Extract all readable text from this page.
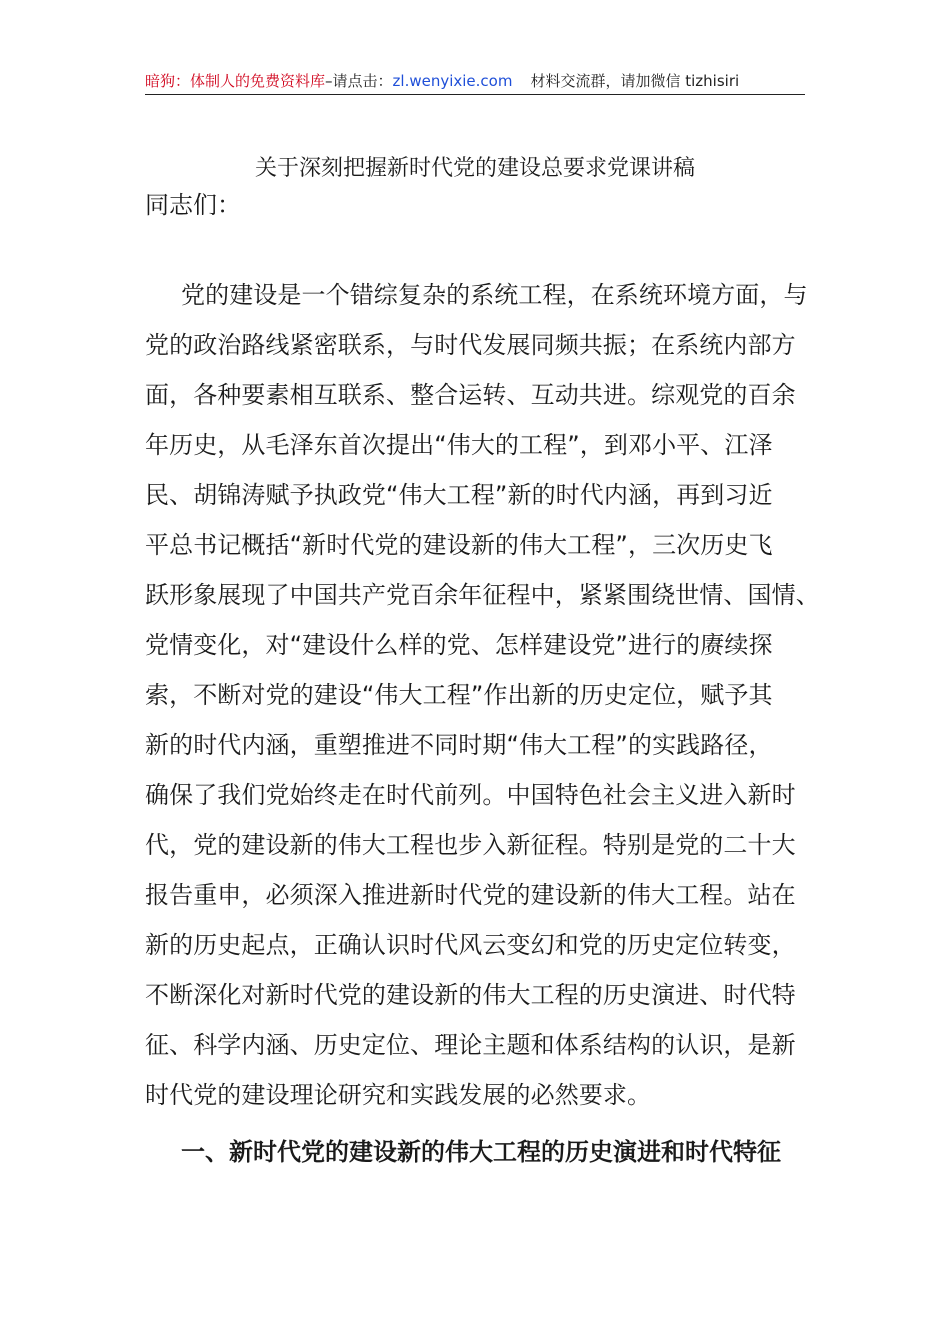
暗狗：体制人的免费资料库–请点击：zl.wenyixie.com 材料交流群，请加微信 tizhisiri
关于深刻把握新时代党的建设总要求党课讲稿
同志们：
党的建设是一个错综复杂的系统工程，在系统环境方面，与
党的政治路线紧密联系，与时代发展同频共振；在系统内部方
面，各种要素相互联系、整合运转、互动共进。综观党的百余
年历史，从毛泽东首次提出“伟大的工程”，到邓小平、江泽
民、胡锦涛赋予执政党“伟大工程”新的时代内涵，再到习近
平总书记概括“新时代党的建设新的伟大工程”，三次历史飞
跃形象展现了中国共产党百余年征程中，紧紧围绕世情、国情、
党情变化，对“建设什么样的党、怎样建设党”进行的赓续探
索，不断对党的建设“伟大工程”作出新的历史定位，赋予其
新的时代内涵，重塑推进不同时期“伟大工程”的实践路径，
确保了我们党始终走在时代前列。中国特色社会主义进入新时
代，党的建设新的伟大工程也步入新征程。特别是党的二十大
报告重申，必须深入推进新时代党的建设新的伟大工程。站在
新的历史起点，正确认识时代风云变幻和党的历史定位转变，
不断深化对新时代党的建设新的伟大工程的历史演进、时代特
征、科学内涵、历史定位、理论主题和体系结构的认识，是新
时代党的建设理论研究和实践发展的必然要求。
一、新时代党的建设新的伟大工程的历史演进和时代特征
